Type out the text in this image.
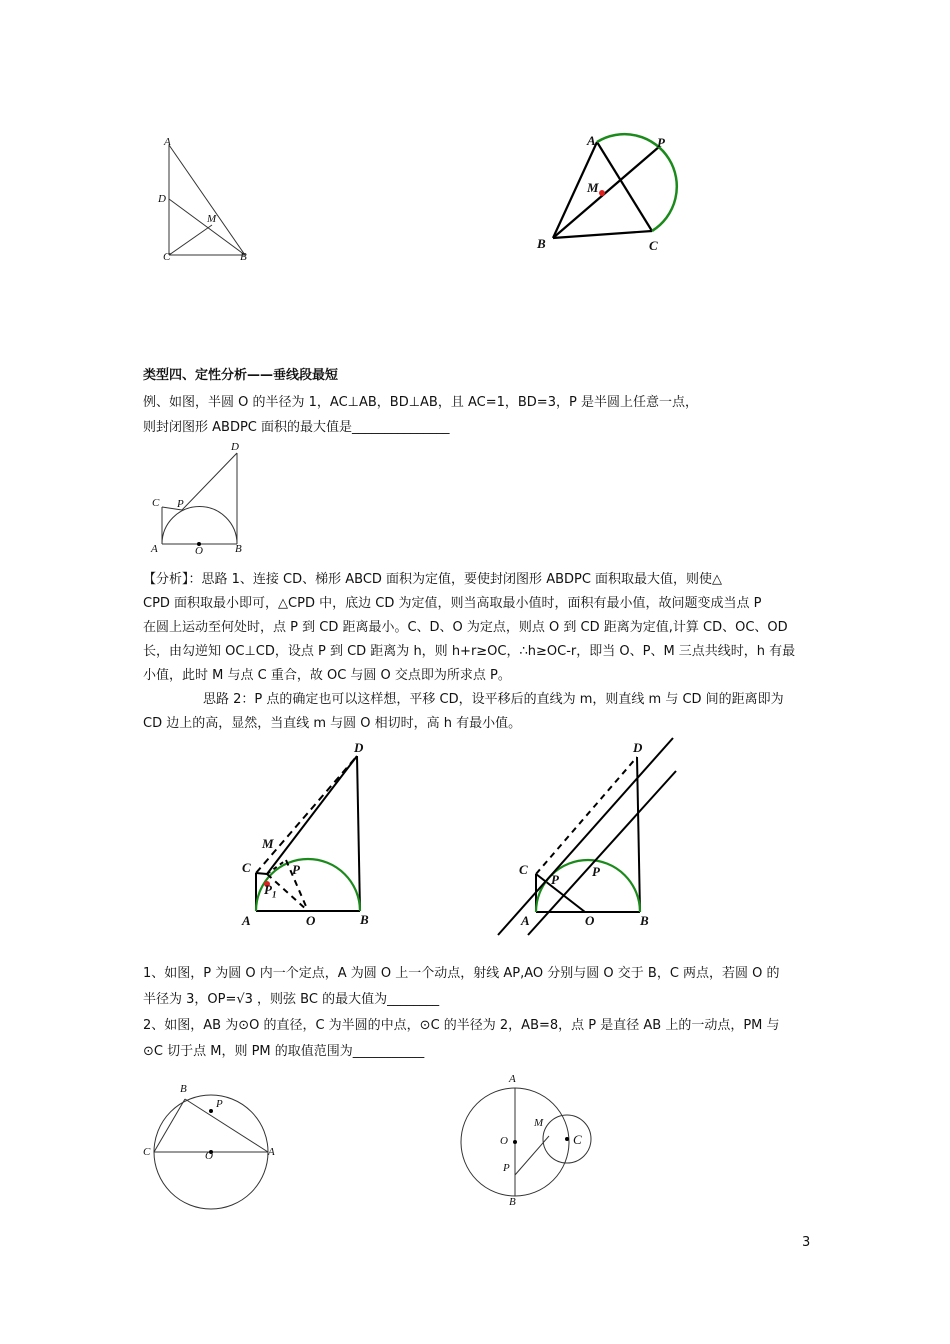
A
D
M
C	B
A	P
M
B	C
类型四、定性分析——垂线段最短
例、如图，半圆 O 的半径为 1，AC⊥AB，BD⊥AB，且 AC=1，BD=3，P 是半圆上任意一点，
则封闭图形 ABDPC 面积的最大值是_______________
D
C P
A	O	B
【分析】：思路 1、连接 CD、梯形 ABCD 面积为定值，要使封闭图形 ABDPC 面积取最大值，则使△
CPD 面积取最小即可，△CPD 中，底边 CD 为定值，则当高取最小值时，面积有最小值，故问题变成当点 P
在圆上运动至何处时，点 P 到 CD 距离最小。C、D、O 为定点，则点 O 到 CD 距离为定值,计算 CD、OC、OD
长，由勾逆知 OC⊥CD，设点 P 到 CD 距离为 h，则 h+r≥OC，∴h≥OC-r，即当 O、P、M 三点共线时，h 有最
小值，此时 M 与点 C 重合，故 OC 与圆 O 交点即为所求点 P。
思路 2：P 点的确定也可以这样想，平移 CD，设平移后的直线为 m，则直线 m 与 CD 间的距离即为
CD 边上的高，显然，当直线 m 与圆 O 相切时，高 h 有最小值。
D
M
C	P
$P_1$
A	O	B
D
C	P
P
A	O	B
1、如图，P 为圆 O 内一个定点，A 为圆 O 上一个动点，射线 AP,AO 分别与圆 O 交于 B，C 两点，若圆 O 的
半径为 3，OP=√3 ，则弦 BC 的最大值为________
2、如图，AB 为⊙O 的直径，C 为半圆的中点，⊙C 的半径为 2，AB=8，点 P 是直径 AB 上的一动点，PM 与
⊙C 切于点 M，则 PM 的取值范围为___________
B
P
C	O	A
A
M
O	C
P
B
3
